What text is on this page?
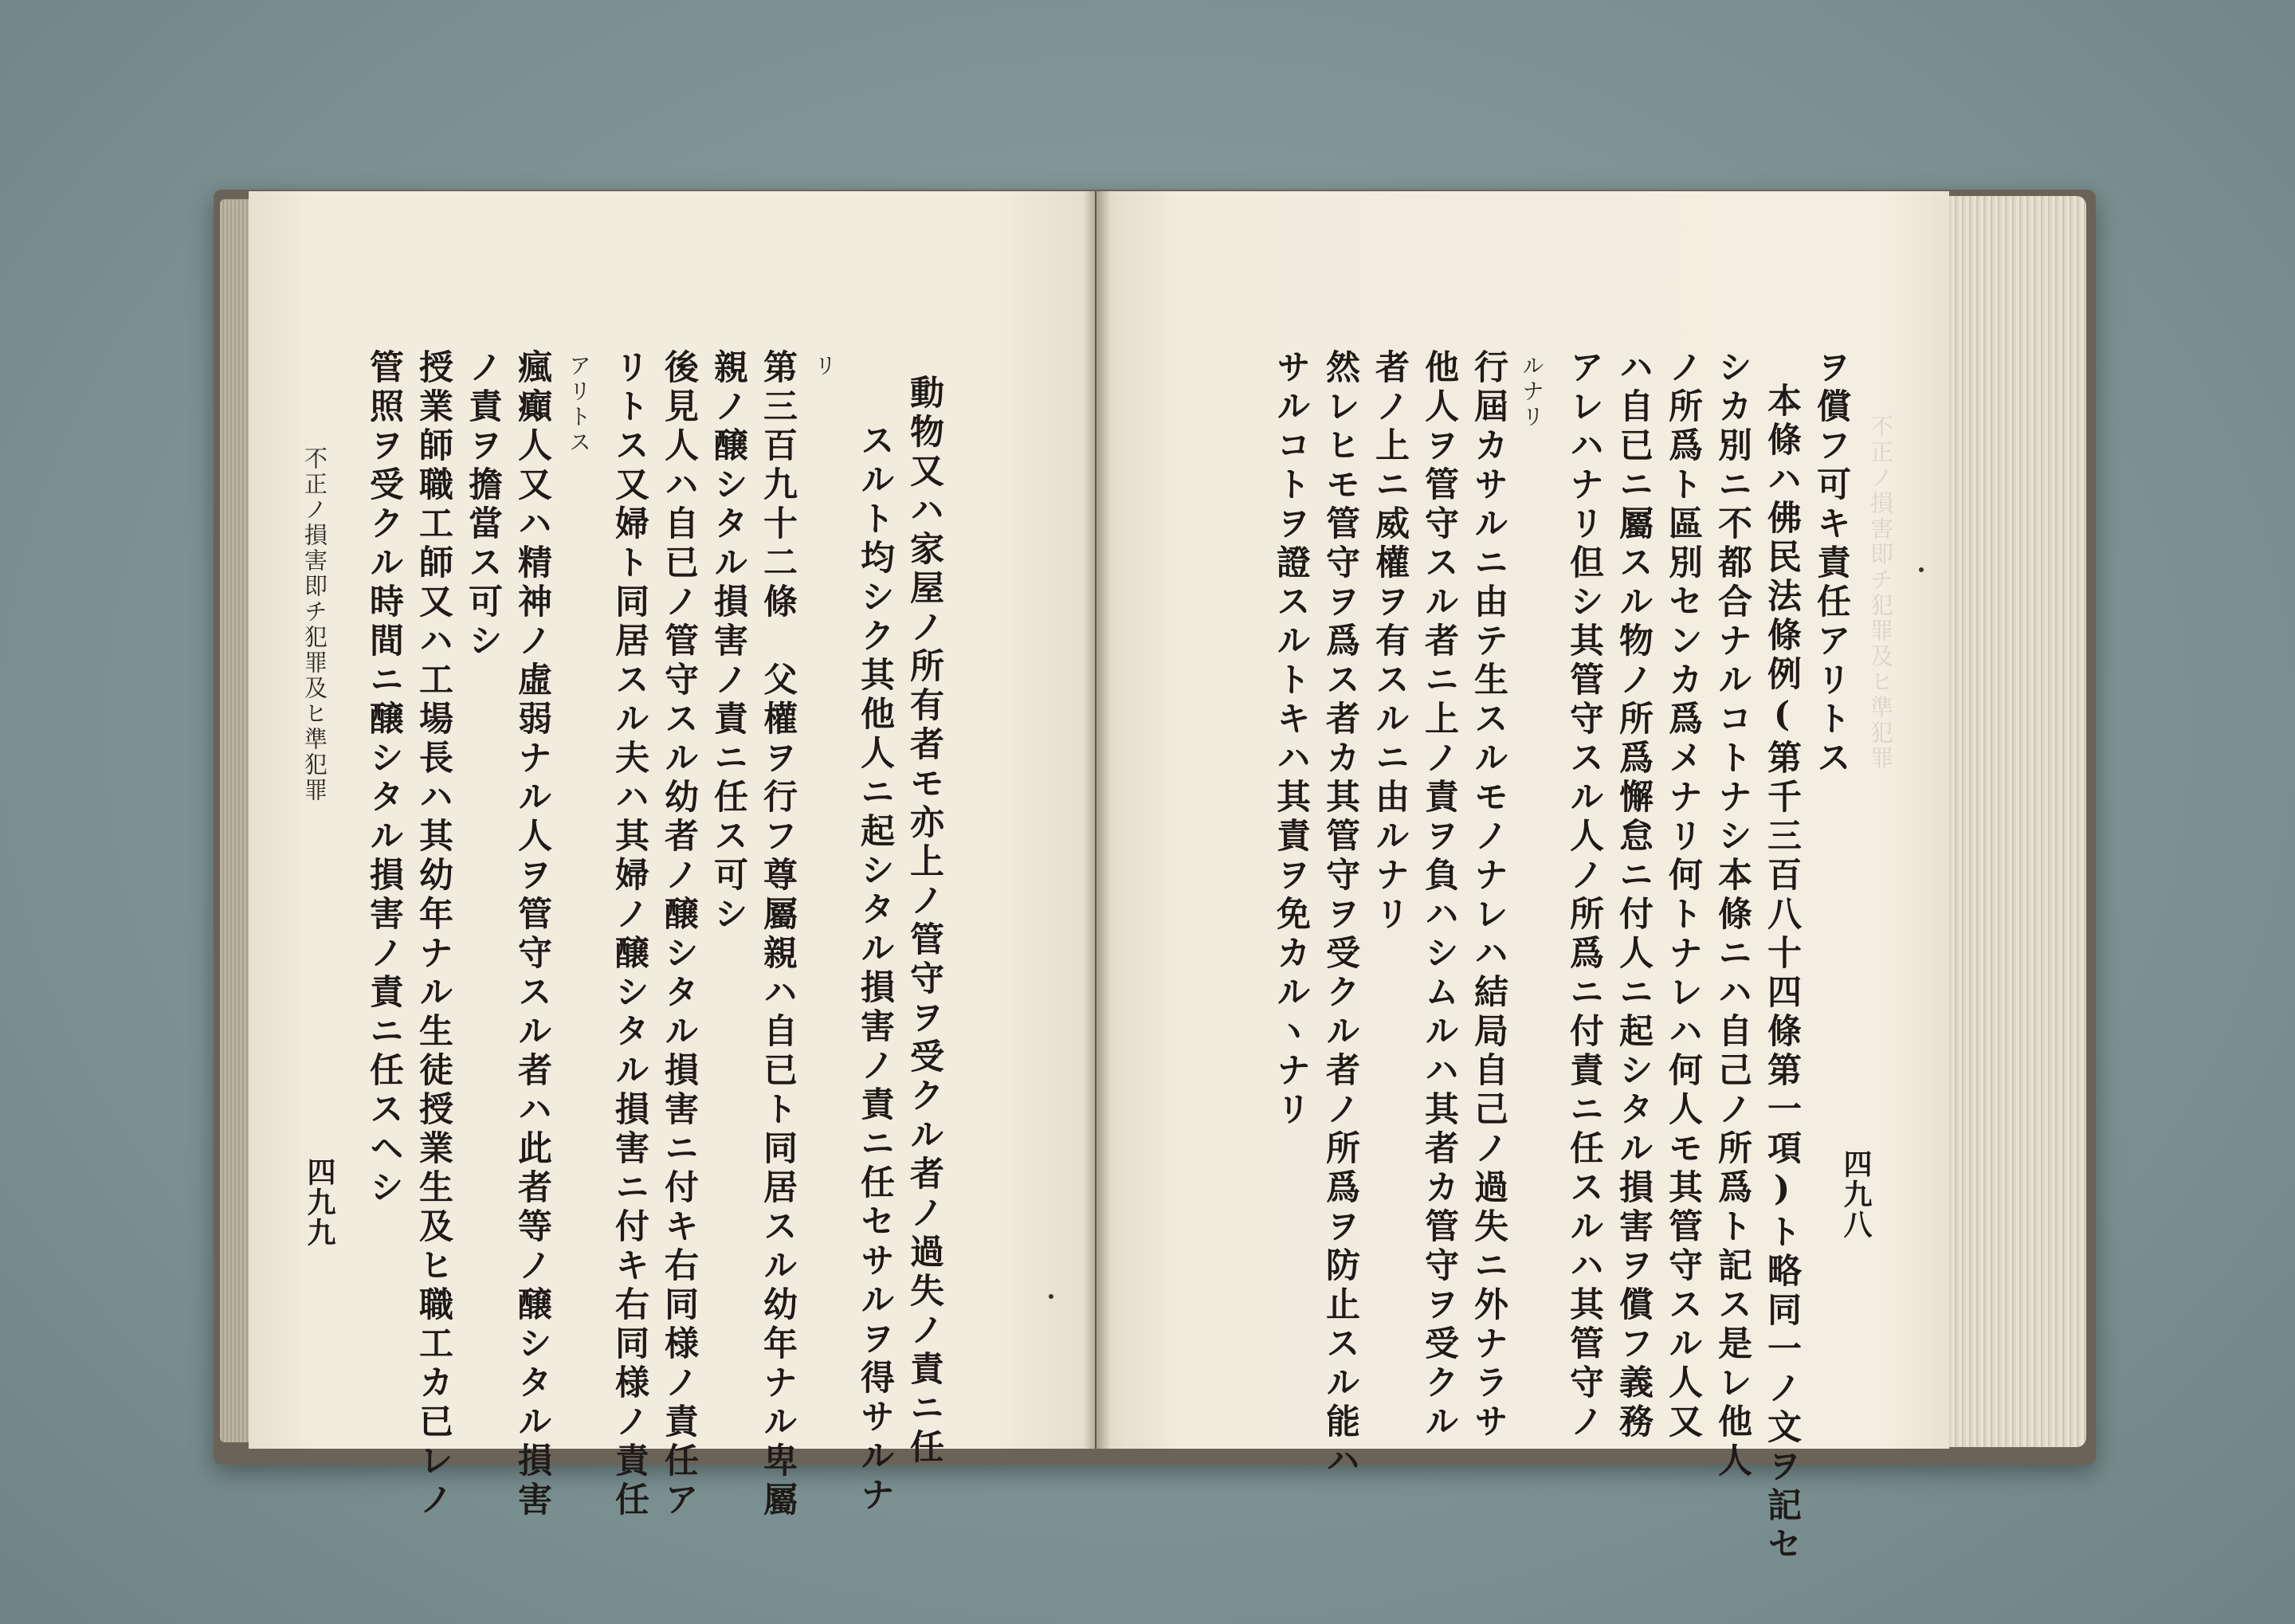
不正ノ損害即チ犯罪及ヒ準犯罪
不正ノ損害即チ犯罪及ヒ準犯罪
四九九 管照ヲ受クル時間ニ醸シタル損害ノ責ニ任スヘシ 授業師職工師又ハ工場長ハ其幼年ナル生徒授業生及ヒ職工カ已レノ ノ責ヲ擔當ス可シ 瘋癲人又ハ精神ノ虛弱ナル人ヲ管守スル者ハ此者等ノ醸シタル損害 アリトス リトス又婦ト同居スル夫ハ其婦ノ醸シタル損害ニ付キ右同様ノ責任 後見人ハ自已ノ管守スル幼者ノ醸シタル損害ニ付キ右同様ノ責任ア 親ノ醸シタル損害ノ責ニ任ス可シ 第三百九十二條　父權ヲ行フ尊屬親ハ自已ト同居スル幼年ナル卑屬 リ
スルト均シク其他人ニ起シタル損害ノ責ニ任セサルヲ得サルナ 動物又ハ家屋ノ所有者モ亦上ノ管守ヲ受クル者ノ過失ノ責ニ任	ヲ償フ可キ責任アリトス
本條ハ佛民法條例(第千三百八十四條第一項)ト略同一ノ文ヲ記セ
シカ別ニ不都合ナルコトナシ本條ニハ自己ノ所爲ト記ス是レ他人
ノ所爲ト區別センカ爲メナリ何トナレハ何人モ其管守スル人又
ハ自已ニ屬スル物ノ所爲懈怠ニ付人ニ起シタル損害ヲ償フ義務
アレハナリ但シ其管守スル人ノ所爲ニ付責ニ任スルハ其管守ノ
ルナリ
行屆カサルニ由テ生スルモノナレハ結局自己ノ過失ニ外ナラサ
他人ヲ管守スル者ニ上ノ責ヲ負ハシムルハ其者カ管守ヲ受クル
者ノ上ニ威權ヲ有スルニ由ルナリ
然レヒモ管守ヲ爲ス者カ其管守ヲ受クル者ノ所爲ヲ防止スル能ハ
サルコトヲ證スルトキハ其責ヲ免カルヽナリ
四九八
